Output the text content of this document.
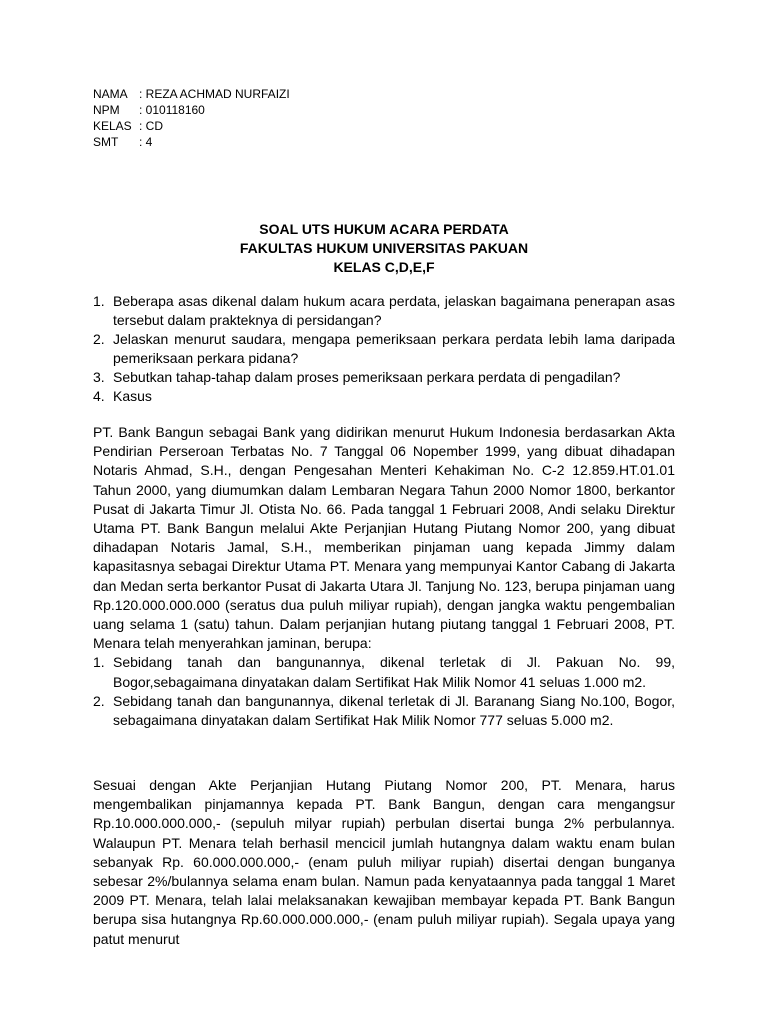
NAMA : REZA ACHMAD NURFAIZI
NPM	: 010118160
KELAS : CD
SMT	: 4
SOAL UTS HUKUM ACARA PERDATA
FAKULTAS HUKUM UNIVERSITAS PAKUAN
KELAS C,D,E,F
1. Beberapa asas dikenal dalam hukum acara perdata, jelaskan bagaimana penerapan asas tersebut dalam prakteknya di persidangan?
2. Jelaskan menurut saudara, mengapa pemeriksaan perkara perdata lebih lama daripada pemeriksaan perkara pidana?
3. Sebutkan tahap-tahap dalam proses pemeriksaan perkara perdata di pengadilan?
4. Kasus
PT. Bank Bangun sebagai Bank yang didirikan menurut Hukum Indonesia berdasarkan Akta Pendirian Perseroan Terbatas No. 7 Tanggal 06 Nopember 1999, yang dibuat dihadapan Notaris Ahmad, S.H., dengan Pengesahan Menteri Kehakiman No. C-2 12.859.HT.01.01 Tahun 2000, yang diumumkan dalam Lembaran Negara Tahun 2000 Nomor 1800, berkantor Pusat di Jakarta Timur Jl. Otista No. 66. Pada tanggal 1 Februari 2008, Andi selaku Direktur Utama PT. Bank Bangun melalui Akte Perjanjian Hutang Piutang Nomor 200, yang dibuat dihadapan Notaris Jamal, S.H., memberikan pinjaman uang kepada Jimmy dalam kapasitasnya sebagai Direktur Utama PT. Menara yang mempunyai Kantor Cabang di Jakarta dan Medan serta berkantor Pusat di Jakarta Utara Jl. Tanjung No. 123, berupa pinjaman uang Rp.120.000.000.000 (seratus dua puluh miliyar rupiah), dengan jangka waktu pengembalian uang selama 1 (satu) tahun. Dalam perjanjian hutang piutang tanggal 1 Februari 2008, PT. Menara telah menyerahkan jaminan, berupa:
1. Sebidang tanah dan bangunannya, dikenal terletak di Jl. Pakuan No. 99, Bogor,sebagaimana dinyatakan dalam Sertifikat Hak Milik Nomor 41 seluas 1.000 m2.
2. Sebidang tanah dan bangunannya, dikenal terletak di Jl. Baranang Siang No.100, Bogor, sebagaimana dinyatakan dalam Sertifikat Hak Milik Nomor 777 seluas 5.000 m2.
Sesuai dengan Akte Perjanjian Hutang Piutang Nomor 200, PT. Menara, harus mengembalikan pinjamannya kepada PT. Bank Bangun, dengan cara mengangsur Rp.10.000.000.000,- (sepuluh milyar rupiah) perbulan disertai bunga 2% perbulannya. Walaupun PT. Menara telah berhasil mencicil jumlah hutangnya dalam waktu enam bulan sebanyak Rp. 60.000.000.000,- (enam puluh miliyar rupiah) disertai dengan bunganya sebesar 2%/bulannya selama enam bulan. Namun pada kenyataannya pada tanggal 1 Maret 2009 PT. Menara, telah lalai melaksanakan kewajiban membayar kepada PT. Bank Bangun berupa sisa hutangnya Rp.60.000.000.000,- (enam puluh miliyar rupiah). Segala upaya yang patut menurut
